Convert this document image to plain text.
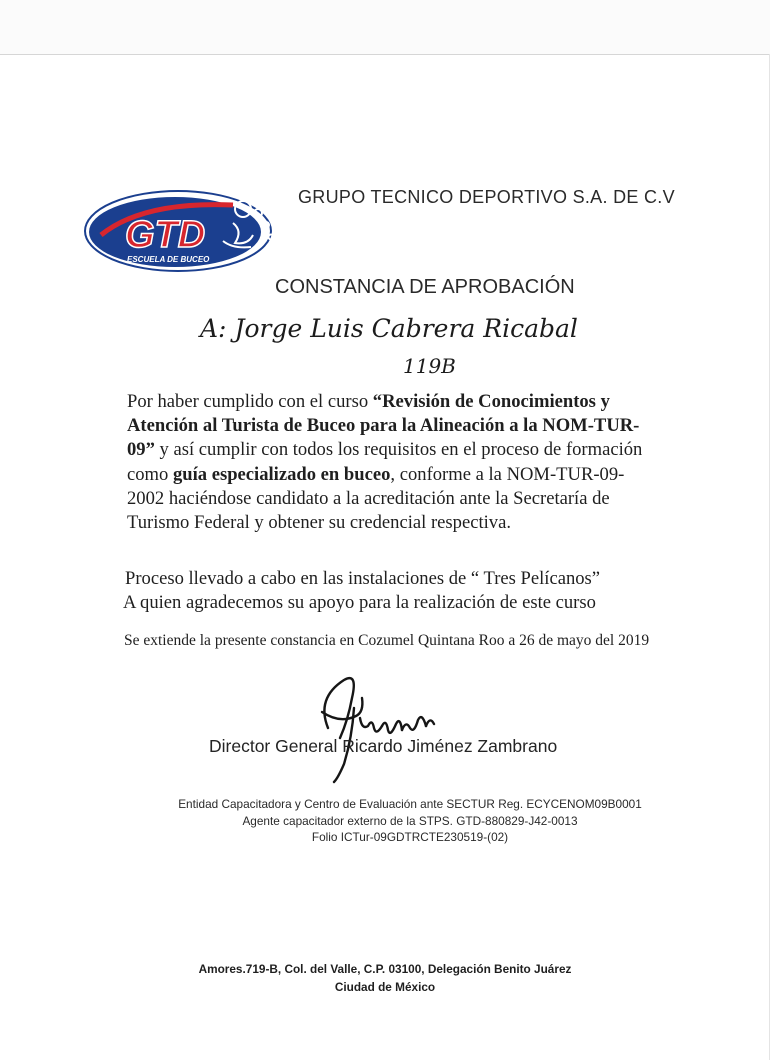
GTD
ESCUELA DE BUCEO
GRUPO TECNICO DEPORTIVO S.A. DE C.V
CONSTANCIA DE APROBACIÓN
A: Jorge Luis Cabrera Ricabal
119B

Por haber cumplido con el curso “Revisión de Conocimientos y Atención al Turista de Buceo para la Alineación a la NOM-TUR-09” y así cumplir con todos los requisitos en el proceso de formación como guía especializado en buceo, conforme a la NOM-TUR-09-2002 haciéndose candidato a la acreditación ante la Secretaría de Turismo Federal y obtener su credencial respectiva.

Proceso llevado a cabo en las instalaciones de “ Tres Pelícanos”
A quien agradecemos su apoyo para la realización de este curso

Se extiende la presente constancia en Cozumel Quintana Roo a 26 de mayo del 2019

Director General Ricardo Jiménez Zambrano
Entidad Capacitadora y Centro de Evaluación ante SECTUR Reg. ECYCENOM09B0001
Agente capacitador externo de la STPS. GTD-880829-J42-0013
Folio ICTur-09GDTRCTE230519-(02)
Amores.719-B, Col. del Valle, C.P. 03100, Delegación Benito Juárez
Ciudad de México
